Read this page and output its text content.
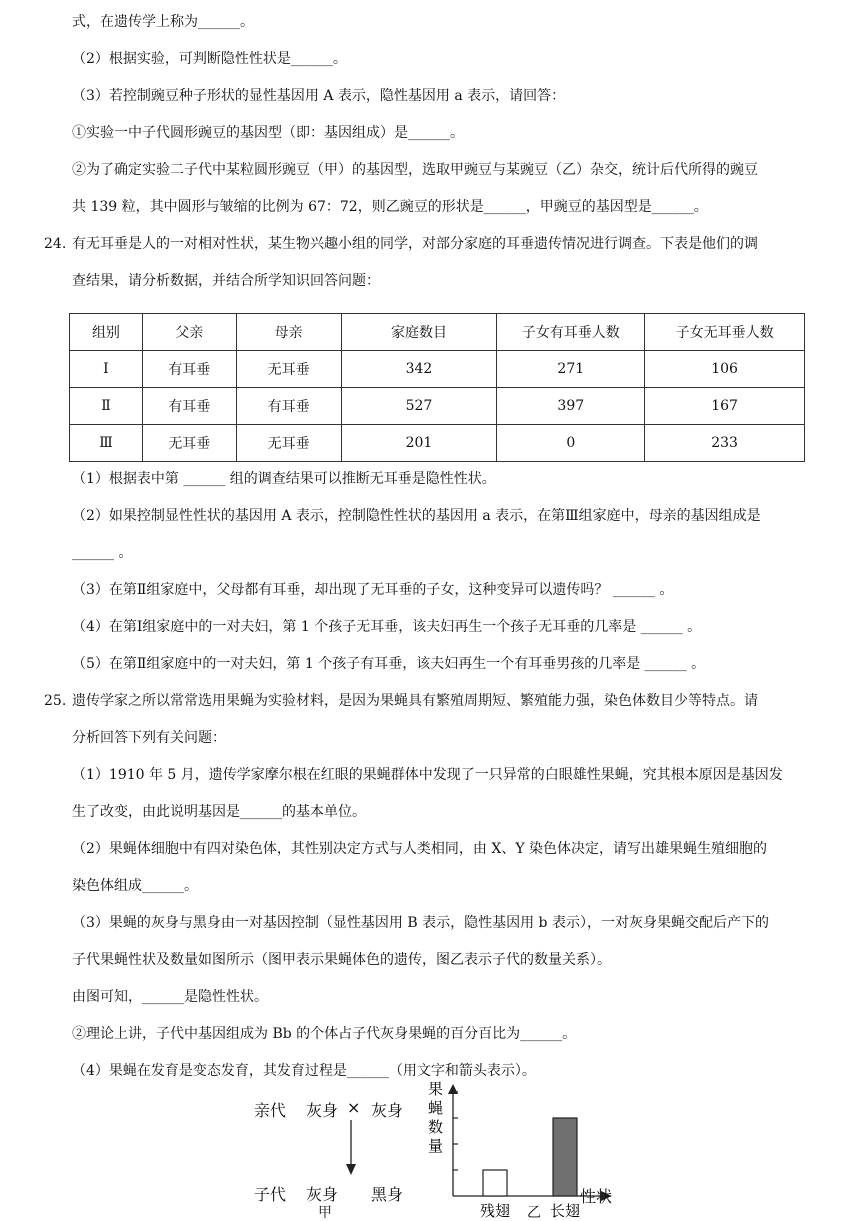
式，在遗传学上称为______。
（2）根据实验，可判断隐性性状是______。
（3）若控制豌豆种子形状的显性基因用 A 表示，隐性基因用 a 表示，请回答：
①实验一中子代圆形豌豆的基因型（即：基因组成）是______。
②为了确定实验二子代中某粒圆形豌豆（甲）的基因型，选取甲豌豆与某豌豆（乙）杂交，统计后代所得的豌豆
共 139 粒，其中圆形与皱缩的比例为 67：72，则乙豌豆的形状是______，甲豌豆的基因型是______。
24. 有无耳垂是人的一对相对性状，某生物兴趣小组的同学，对部分家庭的耳垂遗传情况进行调查。下表是他们的调
查结果，请分析数据，并结合所学知识回答问题：
组别	父亲	母亲	家庭数目	子女有耳垂人数	子女无耳垂人数
Ⅰ	有耳垂	无耳垂	342	271	106
Ⅱ	有耳垂	有耳垂	527	397	167
Ⅲ	无耳垂	无耳垂	201	0	233
（1）根据表中第 ______ 组的调查结果可以推断无耳垂是隐性性状。
（2）如果控制显性性状的基因用 A 表示，控制隐性性状的基因用 a 表示，在第Ⅲ组家庭中，母亲的基因组成是
______ 。
（3）在第Ⅱ组家庭中，父母都有耳垂，却出现了无耳垂的子女，这种变异可以遗传吗？ ______ 。
（4）在第Ⅰ组家庭中的一对夫妇，第 1 个孩子无耳垂，该夫妇再生一个孩子无耳垂的几率是 ______ 。
（5）在第Ⅱ组家庭中的一对夫妇，第 1 个孩子有耳垂，该夫妇再生一个有耳垂男孩的几率是 ______ 。
25. 遗传学家之所以常常选用果蝇为实验材料，是因为果蝇具有繁殖周期短、繁殖能力强，染色体数目少等特点。请
分析回答下列有关问题：
（1）1910 年 5 月，遗传学家摩尔根在红眼的果蝇群体中发现了一只异常的白眼雄性果蝇，究其根本原因是基因发
生了改变，由此说明基因是______的基本单位。
（2）果蝇体细胞中有四对染色体，其性别决定方式与人类相同，由 X、Y 染色体决定，请写出雄果蝇生殖细胞的
染色体组成______。
（3）果蝇的灰身与黑身由一对基因控制（显性基因用 B 表示，隐性基因用 b 表示），一对灰身果蝇交配后产下的
子代果蝇性状及数量如图所示（图甲表示果蝇体色的遗传，图乙表示子代的数量关系）。
由图可知，______是隐性性状。
②理论上讲，子代中基因组成为 Bb 的个体占子代灰身果蝇的百分百比为______。
（4）果蝇在发育是变态发育，其发育过程是______（用文字和箭头表示）。
亲代 灰身 × 灰身
子代 灰身 黑身
果蝇数量
残翅	长翅
性状
甲	乙
